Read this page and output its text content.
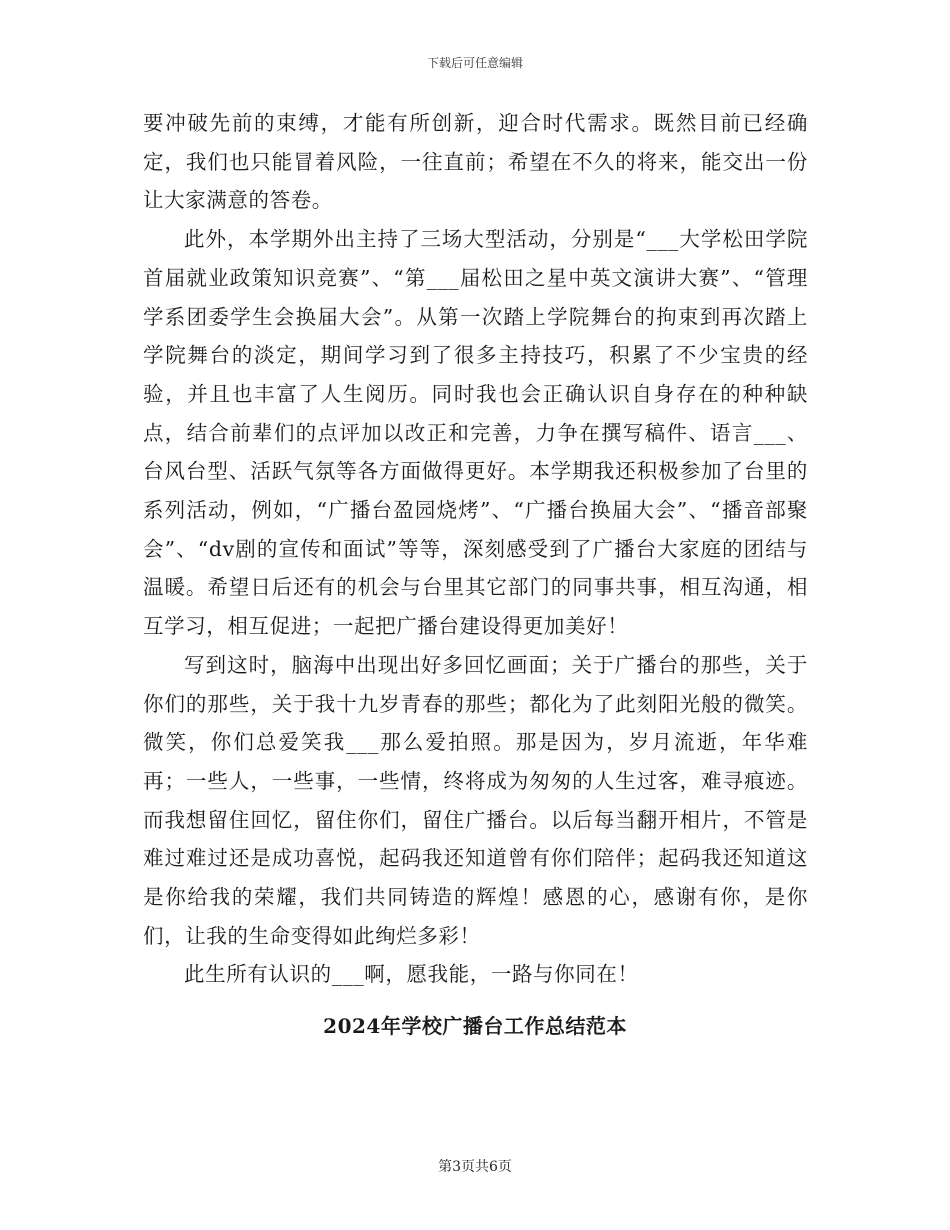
下载后可任意编辑

要冲破先前的束缚，才能有所创新，迎合时代需求。既然目前已经确定，我们也只能冒着风险，一往直前；希望在不久的将来，能交出一份让大家满意的答卷。

此外，本学期外出主持了三场大型活动，分别是“___大学松田学院首届就业政策知识竞赛”、“第___届松田之星中英文演讲大赛”、“管理学系团委学生会换届大会”。从第一次踏上学院舞台的拘束到再次踏上学院舞台的淡定，期间学习到了很多主持技巧，积累了不少宝贵的经验，并且也丰富了人生阅历。同时我也会正确认识自身存在的种种缺点，结合前辈们的点评加以改正和完善，力争在撰写稿件、语言___、台风台型、活跃气氛等各方面做得更好。本学期我还积极参加了台里的系列活动，例如，“广播台盈园烧烤”、“广播台换届大会”、“播音部聚会”、“dv剧的宣传和面试”等等，深刻感受到了广播台大家庭的团结与温暖。希望日后还有的机会与台里其它部门的同事共事，相互沟通，相互学习，相互促进；一起把广播台建设得更加美好！

写到这时，脑海中出现出好多回忆画面；关于广播台的那些，关于你们的那些，关于我十九岁青春的那些；都化为了此刻阳光般的微笑。微笑，你们总爱笑我___那么爱拍照。那是因为，岁月流逝，年华难再；一些人，一些事，一些情，终将成为匆匆的人生过客，难寻痕迹。而我想留住回忆，留住你们，留住广播台。以后每当翻开相片，不管是难过难过还是成功喜悦，起码我还知道曾有你们陪伴；起码我还知道这是你给我的荣耀，我们共同铸造的辉煌！感恩的心，感谢有你，是你们，让我的生命变得如此绚烂多彩！

此生所有认识的___啊，愿我能，一路与你同在！

2024年学校广播台工作总结范本
第3页共6页
